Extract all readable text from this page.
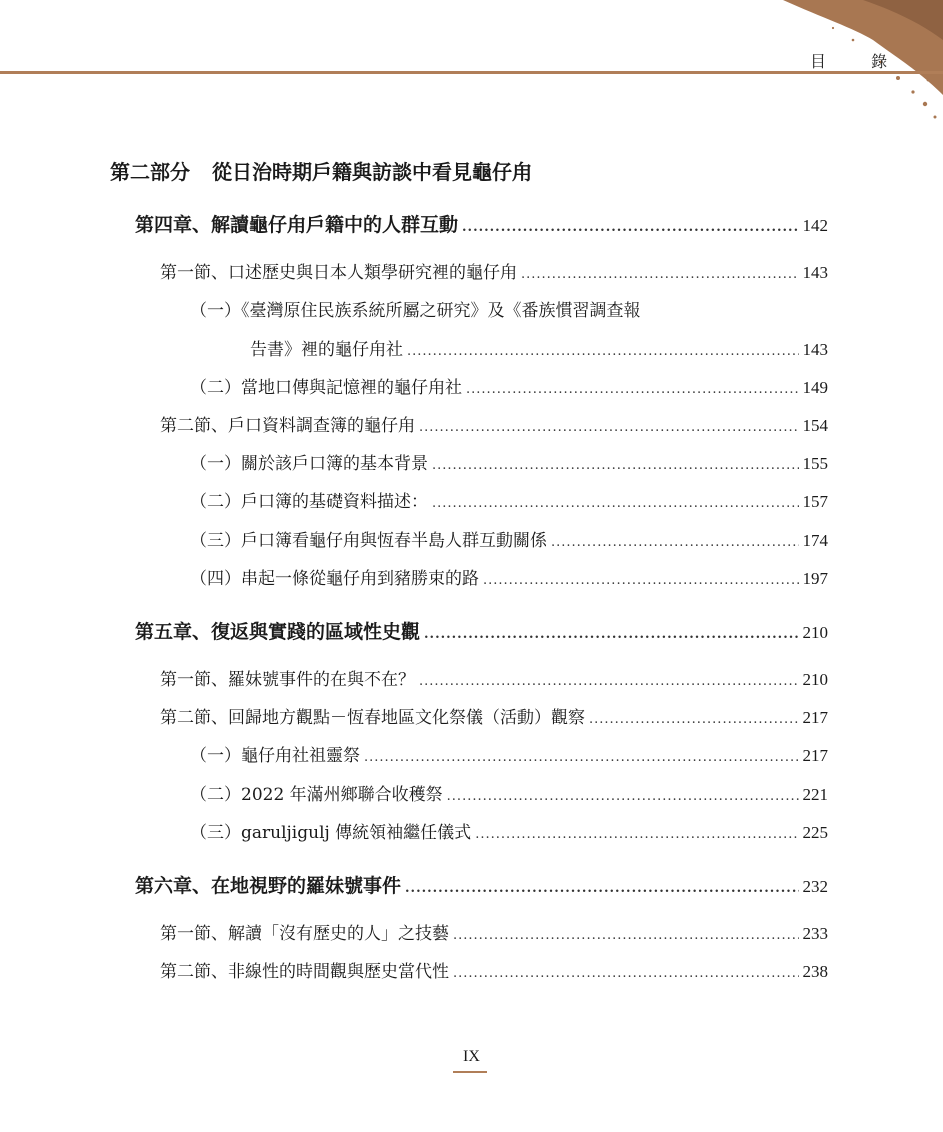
目 錄
第二部分 從日治時期戶籍與訪談中看見龜仔甪
第四章、解讀龜仔甪戶籍中的人群互動 .....	142
第一節、口述歷史與日本人類學研究裡的龜仔甪 .....	143
（一）《臺灣原住民族系統所屬之研究》及《番族慣習調查報
告書》裡的龜仔甪社 .....	143
（二）當地口傳與記憶裡的龜仔甪社 .....	149
第二節、戶口資料調查簿的龜仔甪 .....	154
（一）關於該戶口簿的基本背景 .....	155
（二）戶口簿的基礎資料描述： .....	157
（三）戶口簿看龜仔甪與恆春半島人群互動關係 .....	174
（四）串起一條從龜仔甪到豬勝束的路 .....	197
第五章、復返與實踐的區域性史觀 .....	210
第一節、羅妹號事件的在與不在？ .....	210
第二節、回歸地方觀點－恆春地區文化祭儀（活動）觀察 .....	217
（一）龜仔甪社祖靈祭 .....	217
（二）2022 年滿州鄉聯合收穫祭 .....	221
（三）garuljigulj 傳統領袖繼任儀式 .....	225
第六章、在地視野的羅妹號事件 .....	232
第一節、解讀「沒有歷史的人」之技藝 .....	233
第二節、非線性的時間觀與歷史當代性 .....	238
IX
